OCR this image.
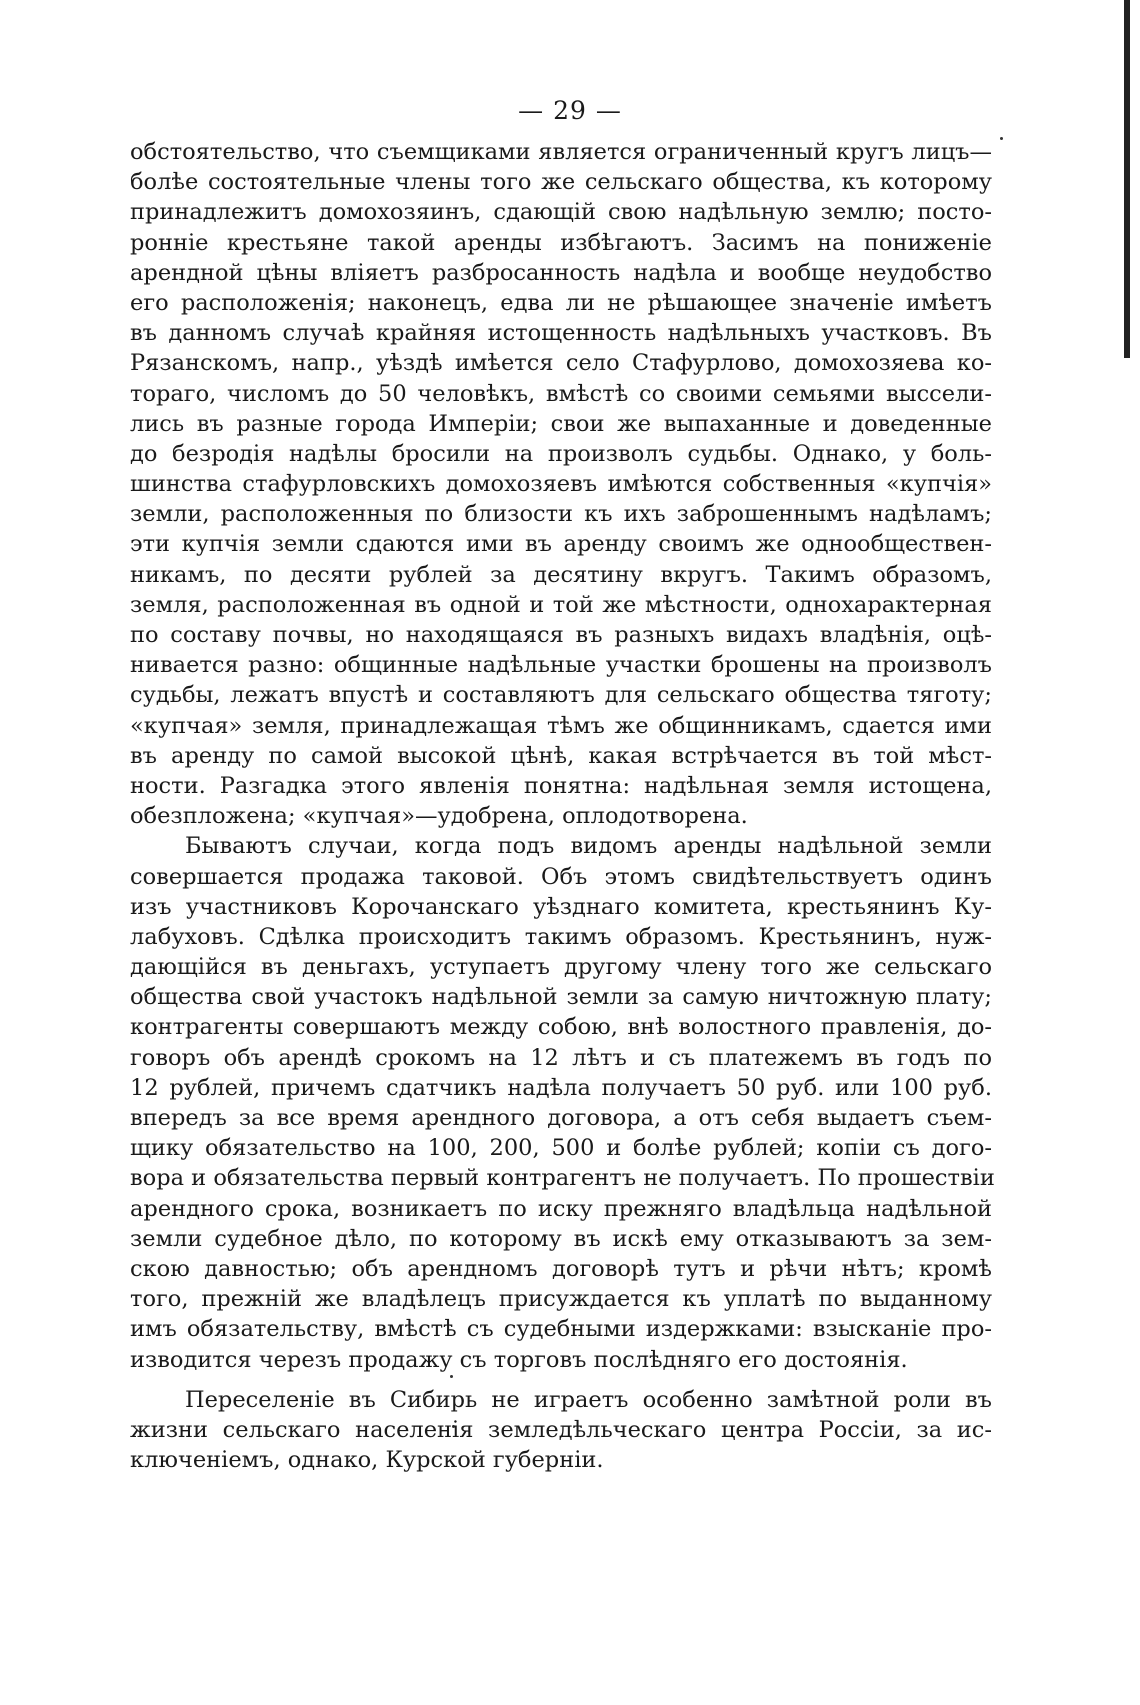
— 29 —
обстоятельство, что съемщиками является ограниченный кругъ лицъ—
болѣе состоятельные члены того же сельскаго общества, къ которому
принадлежитъ домохозяинъ, сдающій свою надѣльную землю; посто-
ронніе крестьяне такой аренды избѣгаютъ. Засимъ на пониженіе
арендной цѣны вліяетъ разбросанность надѣла и вообще неудобство
его расположенія; наконецъ, едва ли не рѣшающее значеніе имѣетъ
въ данномъ случаѣ крайняя истощенность надѣльныхъ участковъ. Въ
Рязанскомъ, напр., уѣздѣ имѣется село Стафурлово, домохозяева ко-
тораго, числомъ до 50 человѣкъ, вмѣстѣ со своими семьями выссели-
лись въ разные города Имперіи; свои же выпаханные и доведенные
до безродія надѣлы бросили на произволъ судьбы. Однако, у боль-
шинства стафурловскихъ домохозяевъ имѣются собственныя «купчія»
земли, расположенныя по близости къ ихъ заброшеннымъ надѣламъ;
эти купчія земли сдаются ими въ аренду своимъ же однообществен-
никамъ, по десяти рублей за десятину вкругъ. Такимъ образомъ,
земля, расположенная въ одной и той же мѣстности, однохарактерная
по составу почвы, но находящаяся въ разныхъ видахъ владѣнія, оцѣ-
нивается разно: общинные надѣльные участки брошены на произволъ
судьбы, лежатъ впустѣ и составляютъ для сельскаго общества тяготу;
«купчая» земля, принадлежащая тѣмъ же общинникамъ, сдается ими
въ аренду по самой высокой цѣнѣ, какая встрѣчается въ той мѣст-
ности. Разгадка этого явленія понятна: надѣльная земля истощена,
обезпложена; «купчая»—удобрена, оплодотворена.
Бываютъ случаи, когда подъ видомъ аренды надѣльной земли
совершается продажа таковой. Объ этомъ свидѣтельствуетъ одинъ
изъ участниковъ Корочанскаго уѣзднаго комитета, крестьянинъ Ку-
лабуховъ. Сдѣлка происходитъ такимъ образомъ. Крестьянинъ, нуж-
дающійся въ деньгахъ, уступаетъ другому члену того же сельскаго
общества свой участокъ надѣльной земли за самую ничтожную плату;
контрагенты совершаютъ между собою, внѣ волостного правленія, до-
говоръ объ арендѣ срокомъ на 12 лѣтъ и съ платежемъ въ годъ по
12 рублей, причемъ сдатчикъ надѣла получаетъ 50 руб. или 100 руб.
впередъ за все время арендного договора, а отъ себя выдаетъ съем-
щику обязательство на 100, 200, 500 и болѣе рублей; копіи съ дого-
вора и обязательства первый контрагентъ не получаетъ. По прошествіи
арендного срока, возникаетъ по иску прежняго владѣльца надѣльной
земли судебное дѣло, по которому въ искѣ ему отказываютъ за зем-
скою давностью; объ арендномъ договорѣ тутъ и рѣчи нѣтъ; кромѣ
того, прежній же владѣлецъ присуждается къ уплатѣ по выданному
имъ обязательству, вмѣстѣ съ судебными издержками: взысканіе про-
изводится черезъ продажу съ торговъ послѣдняго его достоянія.
Переселеніе въ Сибирь не играетъ особенно замѣтной роли въ
жизни сельскаго населенія земледѣльческаго центра Россіи, за ис-
ключеніемъ, однако, Курской губерніи.
